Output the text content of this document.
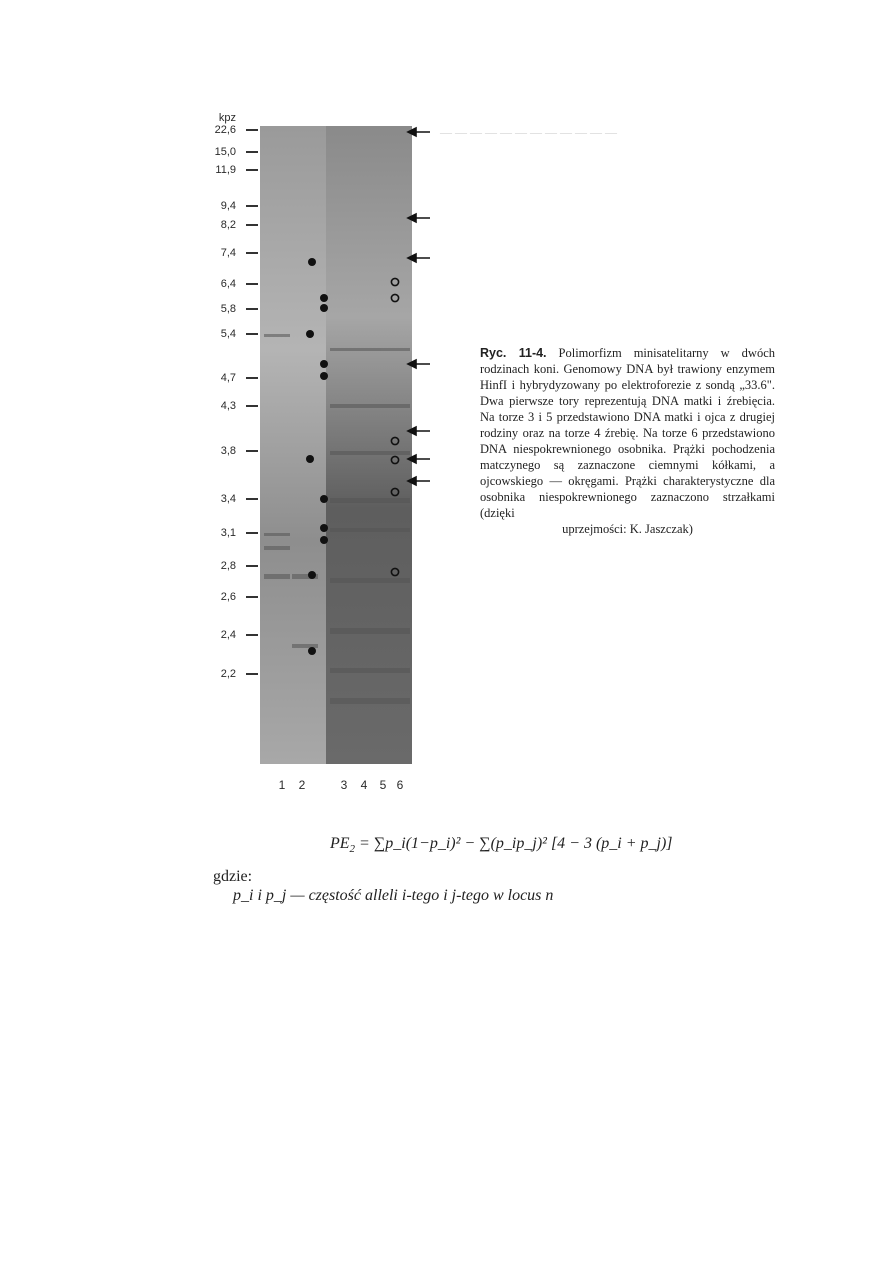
— — — — — — — — — — — —
kpz
22,6
15,0
11,9
9,4
8,2
7,4
6,4
5,8
5,4
4,7
4,3
3,8
3,4
3,1
2,8
2,6
2,4
2,2
1	2	3	4	5 6
Ryc. 11-4. Polimorfizm minisatelitarny w dwóch rodzinach koni. Genomowy DNA był trawiony enzymem HinfI i hybrydyzowany po elektroforezie z sondą „33.6". Dwa pierwsze tory reprezentują DNA matki i źrebięcia. Na torze 3 i 5 przedstawiono DNA matki i ojca z drugiej rodziny oraz na torze 4 źrebię. Na torze 6 przedstawiono DNA niespokrewnionego osobnika. Prążki pochodzenia matczynego są zaznaczone ciemnymi kółkami, a ojcowskiego — okręgami. Prążki charakterystyczne dla osobnika niespokrewnionego zaznaczono strzałkami (dzięki
uprzejmości: K. Jaszczak)
$PE_2$ = ∑p_i(1−p_i)² − ∑(p_ip_j)² [4 − 3 (p_i + p_j)]
gdzie:
p_i i p_j — częstość alleli i-tego i j-tego w locus n
